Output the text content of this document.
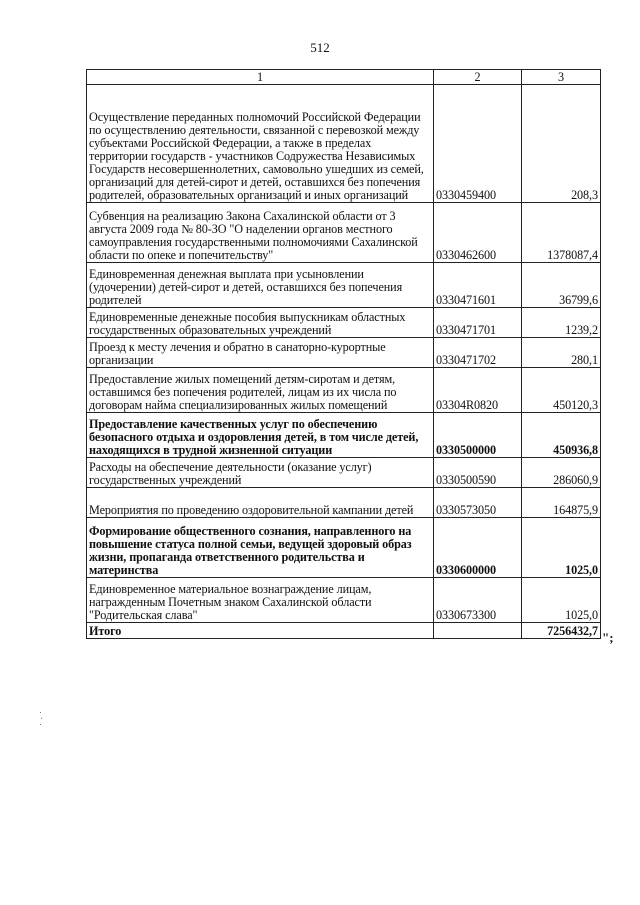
512
1	2	3
Осуществление переданных полномочий Российской Федерации по осуществлению деятельности, связанной с перевозкой между субъектами Российской Федерации, а также в пределах территории государств - участников Содружества Независимых Государств несовершеннолетних, самовольно ушедших из семей, организаций для детей-сирот и детей, оставшихся без попечения родителей, образовательных организаций и иных организаций	0330459400	208,3
Субвенция на реализацию Закона Сахалинской области от 3 августа 2009 года № 80-ЗО "О наделении органов местного самоуправления государственными полномочиями Сахалинской области по опеке и попечительству"	0330462600	1378087,4
Единовременная денежная выплата при усыновлении (удочерении) детей-сирот и детей, оставшихся без попечения родителей	0330471601	36799,6
Единовременные денежные пособия выпускникам областных государственных образовательных учреждений	0330471701	1239,2
Проезд к месту лечения и обратно в санаторно-курортные организации	0330471702	280,1
Предоставление жилых помещений детям-сиротам и детям, оставшимся без попечения родителей, лицам из их числа по договорам найма специализированных жилых помещений	03304R0820	450120,3
Предоставление качественных услуг по обеспечению безопасного отдыха и оздоровления детей, в том числе детей, находящихся в трудной жизненной ситуации	0330500000	450936,8
Расходы на обеспечение деятельности (оказание услуг) государственных учреждений	0330500590	286060,9
Мероприятия по проведению оздоровительной кампании детей	0330573050	164875,9
Формирование общественного сознания, направленного на повышение статуса полной семьи, ведущей здоровый образ жизни, пропаганда ответственного родительства и материнства	0330600000	1025,0
Единовременное материальное вознаграждение лицам, награжденным Почетным знаком Сахалинской области "Родительская слава"	0330673300	1025,0
Итого		7256432,7 ";
